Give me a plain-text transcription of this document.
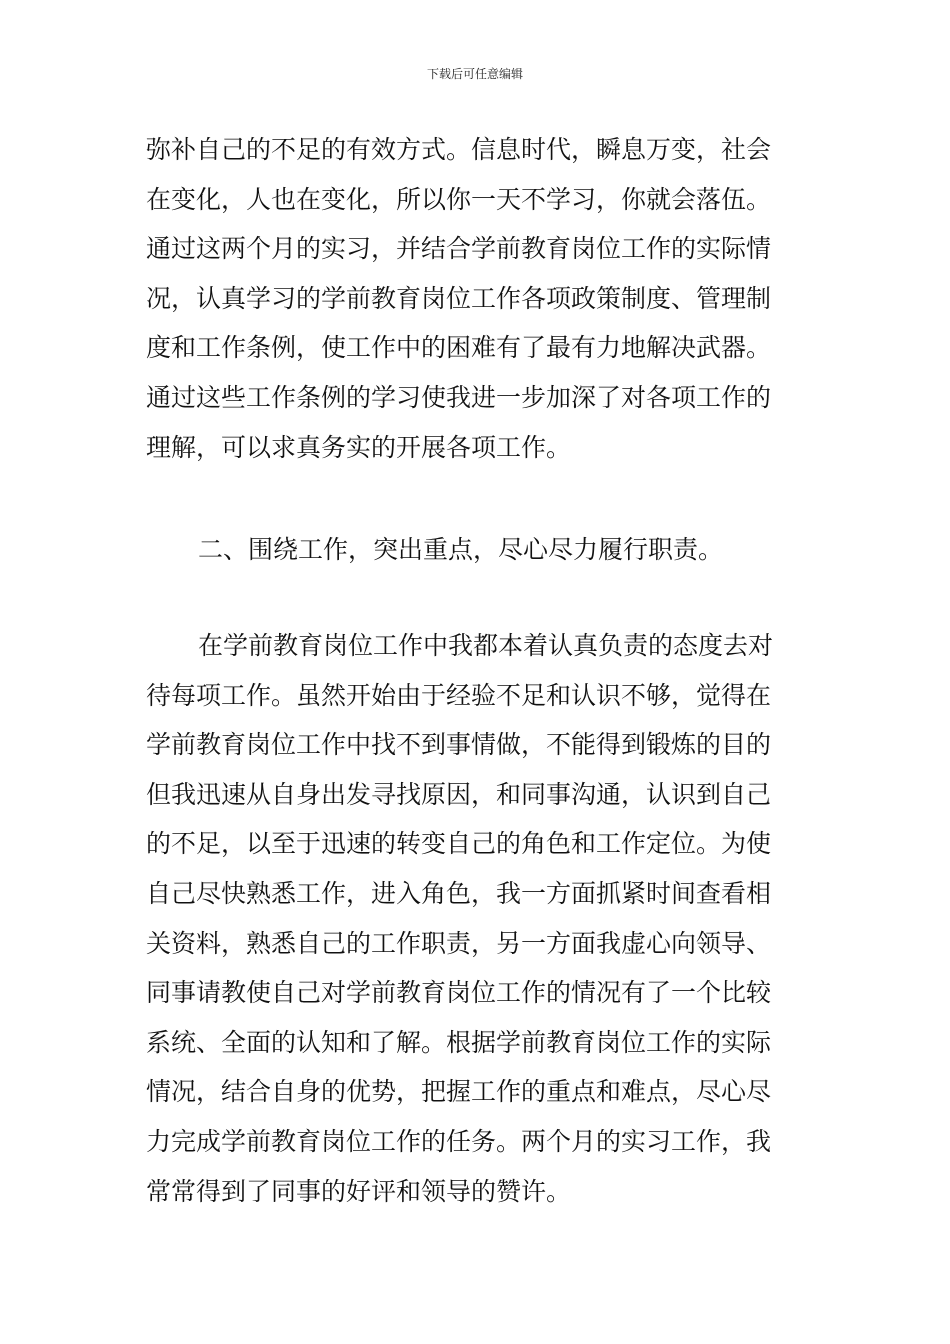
下载后可任意编辑
弥补自己的不足的有效方式。信息时代，瞬息万变，社会
在变化，人也在变化，所以你一天不学习，你就会落伍。
通过这两个月的实习，并结合学前教育岗位工作的实际情
况，认真学习的学前教育岗位工作各项政策制度、管理制
度和工作条例，使工作中的困难有了最有力地解决武器。
通过这些工作条例的学习使我进一步加深了对各项工作的
理解，可以求真务实的开展各项工作。
二、围绕工作，突出重点，尽心尽力履行职责。
在学前教育岗位工作中我都本着认真负责的态度去对
待每项工作。虽然开始由于经验不足和认识不够，觉得在
学前教育岗位工作中找不到事情做，不能得到锻炼的目的
但我迅速从自身出发寻找原因，和同事沟通，认识到自己
的不足，以至于迅速的转变自己的角色和工作定位。为使
自己尽快熟悉工作，进入角色，我一方面抓紧时间查看相
关资料，熟悉自己的工作职责，另一方面我虚心向领导、
同事请教使自己对学前教育岗位工作的情况有了一个比较
系统、全面的认知和了解。根据学前教育岗位工作的实际
情况，结合自身的优势，把握工作的重点和难点，尽心尽
力完成学前教育岗位工作的任务。两个月的实习工作，我
常常得到了同事的好评和领导的赞许。
